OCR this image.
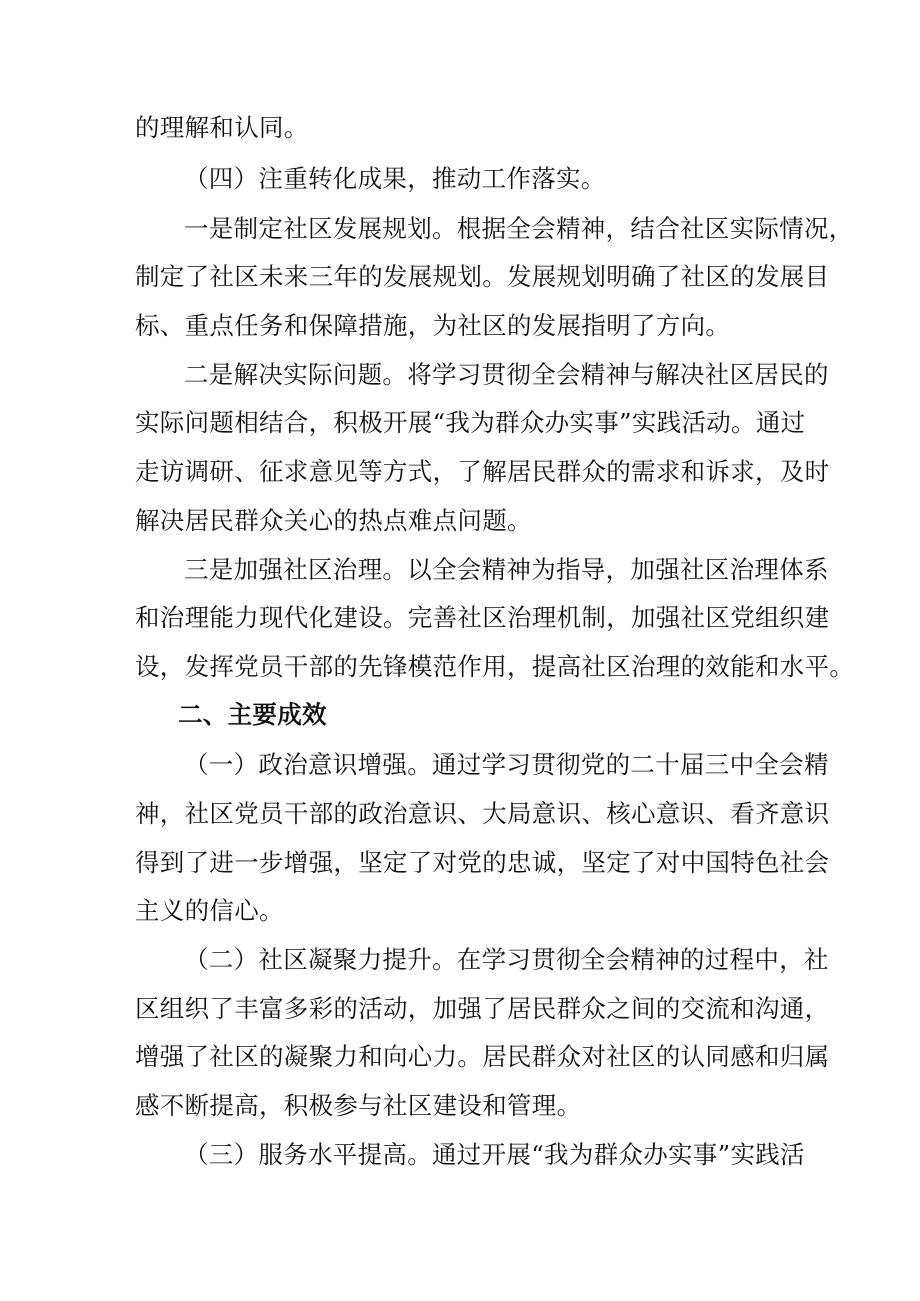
的理解和认同。
（四）注重转化成果，推动工作落实。
一是制定社区发展规划。根据全会精神，结合社区实际情况，
制定了社区未来三年的发展规划。发展规划明确了社区的发展目
标、重点任务和保障措施，为社区的发展指明了方向。
二是解决实际问题。将学习贯彻全会精神与解决社区居民的
实际问题相结合，积极开展“我为群众办实事”实践活动。通过
走访调研、征求意见等方式，了解居民群众的需求和诉求，及时
解决居民群众关心的热点难点问题。
三是加强社区治理。以全会精神为指导，加强社区治理体系
和治理能力现代化建设。完善社区治理机制，加强社区党组织建
设，发挥党员干部的先锋模范作用，提高社区治理的效能和水平。
二、主要成效
（一）政治意识增强。通过学习贯彻党的二十届三中全会精
神，社区党员干部的政治意识、大局意识、核心意识、看齐意识
得到了进一步增强，坚定了对党的忠诚，坚定了对中国特色社会
主义的信心。
（二）社区凝聚力提升。在学习贯彻全会精神的过程中，社
区组织了丰富多彩的活动，加强了居民群众之间的交流和沟通，
增强了社区的凝聚力和向心力。居民群众对社区的认同感和归属
感不断提高，积极参与社区建设和管理。
（三）服务水平提高。通过开展“我为群众办实事”实践活
